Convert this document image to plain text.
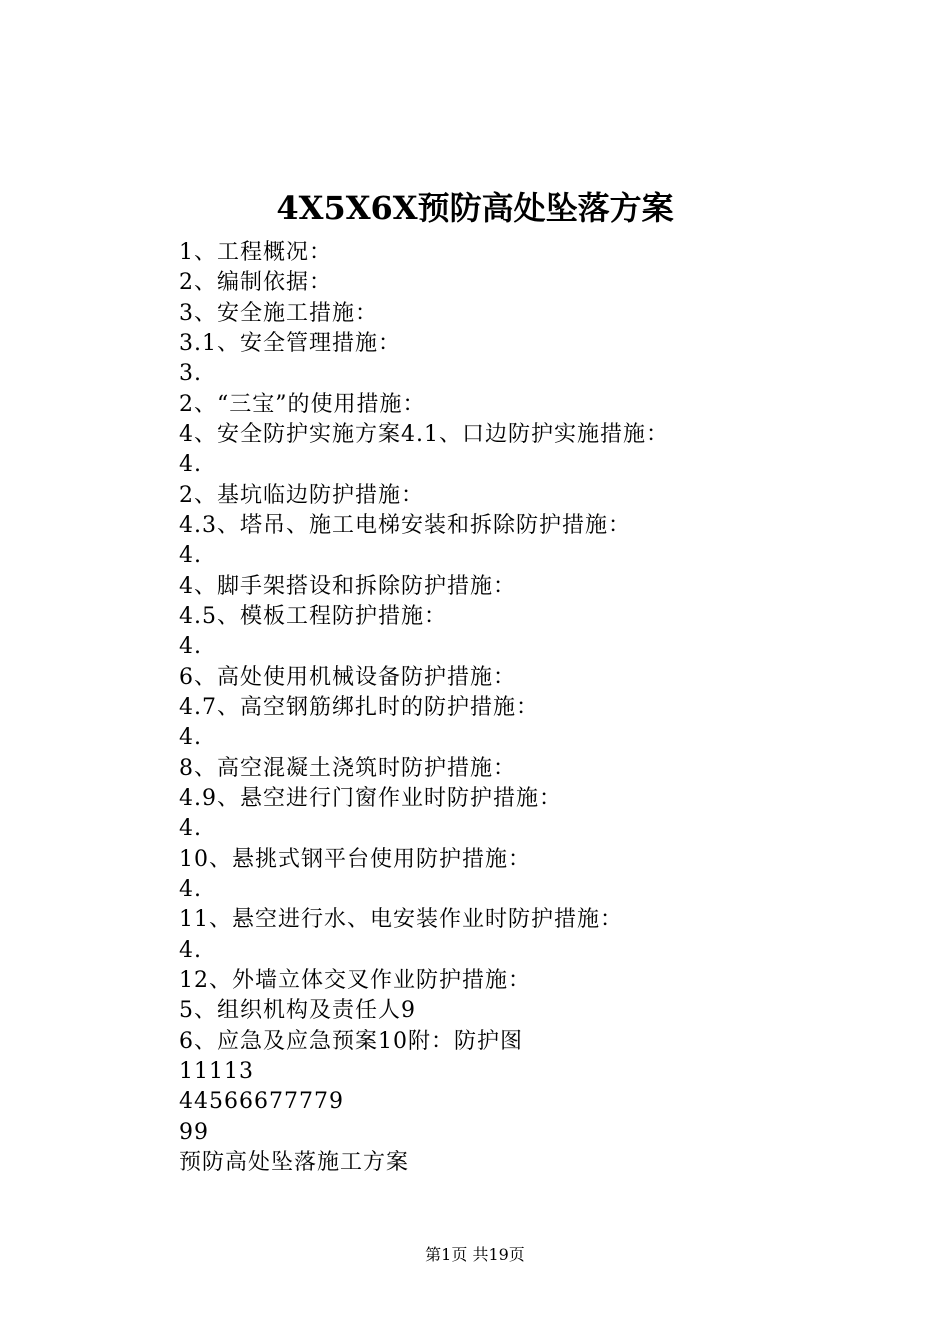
4X5X6X预防高处坠落方案
1、工程概况：
2、编制依据：
3、安全施工措施：
3.1、安全管理措施：
3.
2、“三宝”的使用措施：
4、安全防护实施方案4.1、口边防护实施措施：
4.
2、基坑临边防护措施：
4.3、塔吊、施工电梯安装和拆除防护措施：
4.
4、脚手架搭设和拆除防护措施：
4.5、模板工程防护措施：
4.
6、高处使用机械设备防护措施：
4.7、高空钢筋绑扎时的防护措施：
4.
8、高空混凝土浇筑时防护措施：
4.9、悬空进行门窗作业时防护措施：
4.
10、悬挑式钢平台使用防护措施：
4.
11、悬空进行水、电安装作业时防护措施：
4.
12、外墙立体交叉作业防护措施：
5、组织机构及责任人9
6、应急及应急预案10附：防护图
11113
44566677779
99
预防高处坠落施工方案
第1页 共19页
